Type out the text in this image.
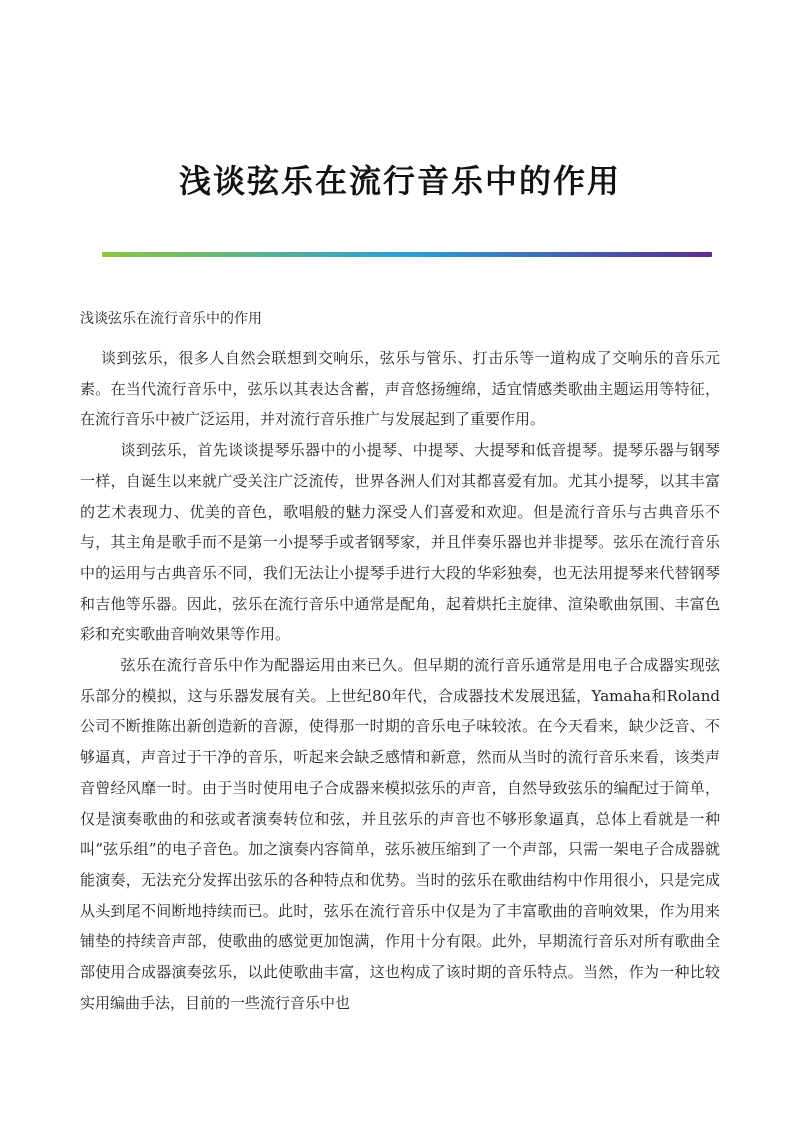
浅谈弦乐在流行音乐中的作用

浅谈弦乐在流行音乐中的作用

谈到弦乐，很多人自然会联想到交响乐，弦乐与管乐、打击乐等一道构成了交响乐的音乐元素。在当代流行音乐中，弦乐以其表达含蓄，声音悠扬缠绵，适宜情感类歌曲主题运用等特征，在流行音乐中被广泛运用，并对流行音乐推广与发展起到了重要作用。

谈到弦乐，首先谈谈提琴乐器中的小提琴、中提琴、大提琴和低音提琴。提琴乐器与钢琴一样，自诞生以来就广受关注广泛流传，世界各洲人们对其都喜爱有加。尤其小提琴，以其丰富的艺术表现力、优美的音色，歌唱般的魅力深受人们喜爱和欢迎。但是流行音乐与古典音乐不与，其主角是歌手而不是第一小提琴手或者钢琴家，并且伴奏乐器也并非提琴。弦乐在流行音乐中的运用与古典音乐不同，我们无法让小提琴手进行大段的华彩独奏，也无法用提琴来代替钢琴和吉他等乐器。因此，弦乐在流行音乐中通常是配角，起着烘托主旋律、渲染歌曲氛围、丰富色彩和充实歌曲音响效果等作用。

弦乐在流行音乐中作为配器运用由来已久。但早期的流行音乐通常是用电子合成器实现弦乐部分的模拟，这与乐器发展有关。上世纪80年代，合成器技术发展迅猛，Yamaha和Roland公司不断推陈出新创造新的音源，使得那一时期的音乐电子味较浓。在今天看来，缺少泛音、不够逼真，声音过于干净的音乐，听起来会缺乏感情和新意，然而从当时的流行音乐来看，该类声音曾经风靡一时。由于当时使用电子合成器来模拟弦乐的声音，自然导致弦乐的编配过于简单，仅是演奏歌曲的和弦或者演奏转位和弦，并且弦乐的声音也不够形象逼真，总体上看就是一种叫“弦乐组”的电子音色。加之演奏内容简单，弦乐被压缩到了一个声部，只需一架电子合成器就能演奏，无法充分发挥出弦乐的各种特点和优势。当时的弦乐在歌曲结构中作用很小，只是完成从头到尾不间断地持续而已。此时，弦乐在流行音乐中仅是为了丰富歌曲的音响效果，作为用来铺垫的持续音声部，使歌曲的感觉更加饱满，作用十分有限。此外，早期流行音乐对所有歌曲全部使用合成器演奏弦乐，以此使歌曲丰富，这也构成了该时期的音乐特点。当然，作为一种比较实用编曲手法，目前的一些流行音乐中也
